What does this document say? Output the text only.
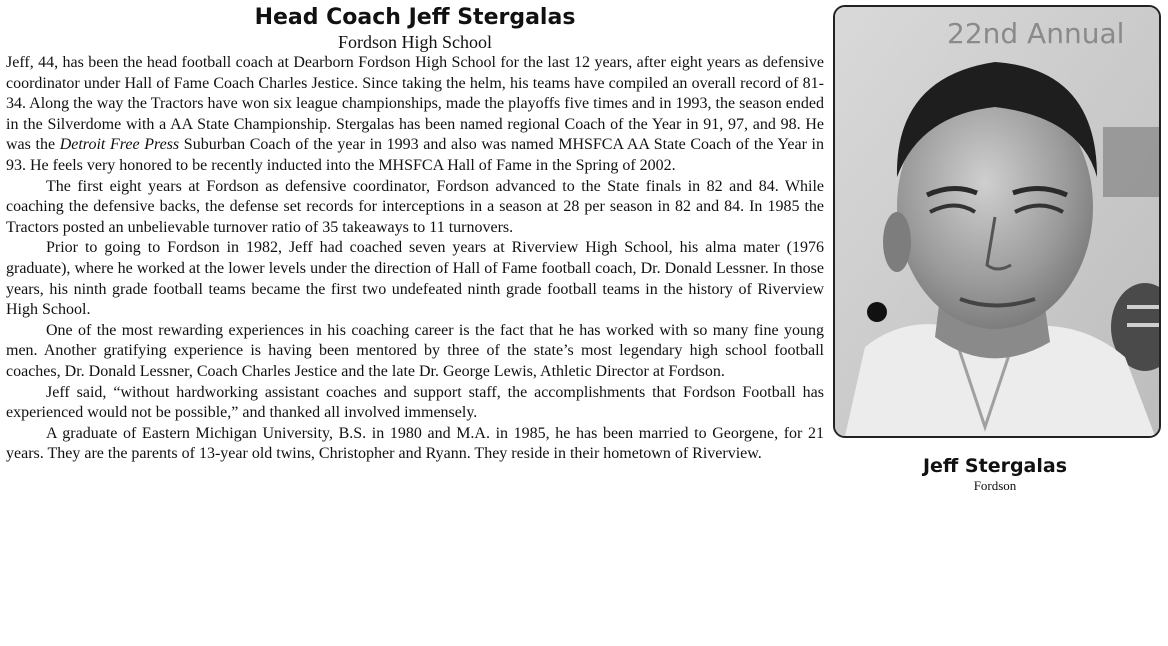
Head Coach Jeff Stergalas
Fordson High School

Jeff, 44, has been the head football coach at Dearborn Fordson High School for the last 12 years, after eight years as defensive coordinator under Hall of Fame Coach Charles Jestice. Since taking the helm, his teams have compiled an overall record of 81-34. Along the way the Tractors have won six league championships, made the playoffs five times and in 1993, the season ended in the Silverdome with a AA State Championship. Stergalas has been named regional Coach of the Year in 91, 97, and 98. He was the Detroit Free Press Suburban Coach of the year in 1993 and also was named MHSFCA AA State Coach of the Year in 93. He feels very honored to be recently inducted into the MHSFCA Hall of Fame in the Spring of 2002.

The first eight years at Fordson as defensive coordinator, Fordson advanced to the State finals in 82 and 84. While coaching the defensive backs, the defense set records for interceptions in a season at 28 per season in 82 and 84. In 1985 the Tractors posted an unbelievable turnover ratio of 35 takeaways to 11 turnovers.

Prior to going to Fordson in 1982, Jeff had coached seven years at Riverview High School, his alma mater (1976 graduate), where he worked at the lower levels under the direction of Hall of Fame football coach, Dr. Donald Lessner. In those years, his ninth grade football teams became the first two undefeated ninth grade football teams in the history of Riverview High School.

One of the most rewarding experiences in his coaching career is the fact that he has worked with so many fine young men. Another gratifying experience is having been mentored by three of the state’s most legendary high school football coaches, Dr. Donald Lessner, Coach Charles Jestice and the late Dr. George Lewis, Athletic Director at Fordson.

Jeff said, “without hardworking assistant coaches and support staff, the accomplishments that Fordson Football has experienced would not be possible,” and thanked all involved immensely.

A graduate of Eastern Michigan University, B.S. in 1980 and M.A. in 1985, he has been married to Georgene, for 21 years. They are the parents of 13-year old twins, Christopher and Ryann. They reside in their hometown of Riverview.

22nd Annual
Jeff Stergalas
Fordson
